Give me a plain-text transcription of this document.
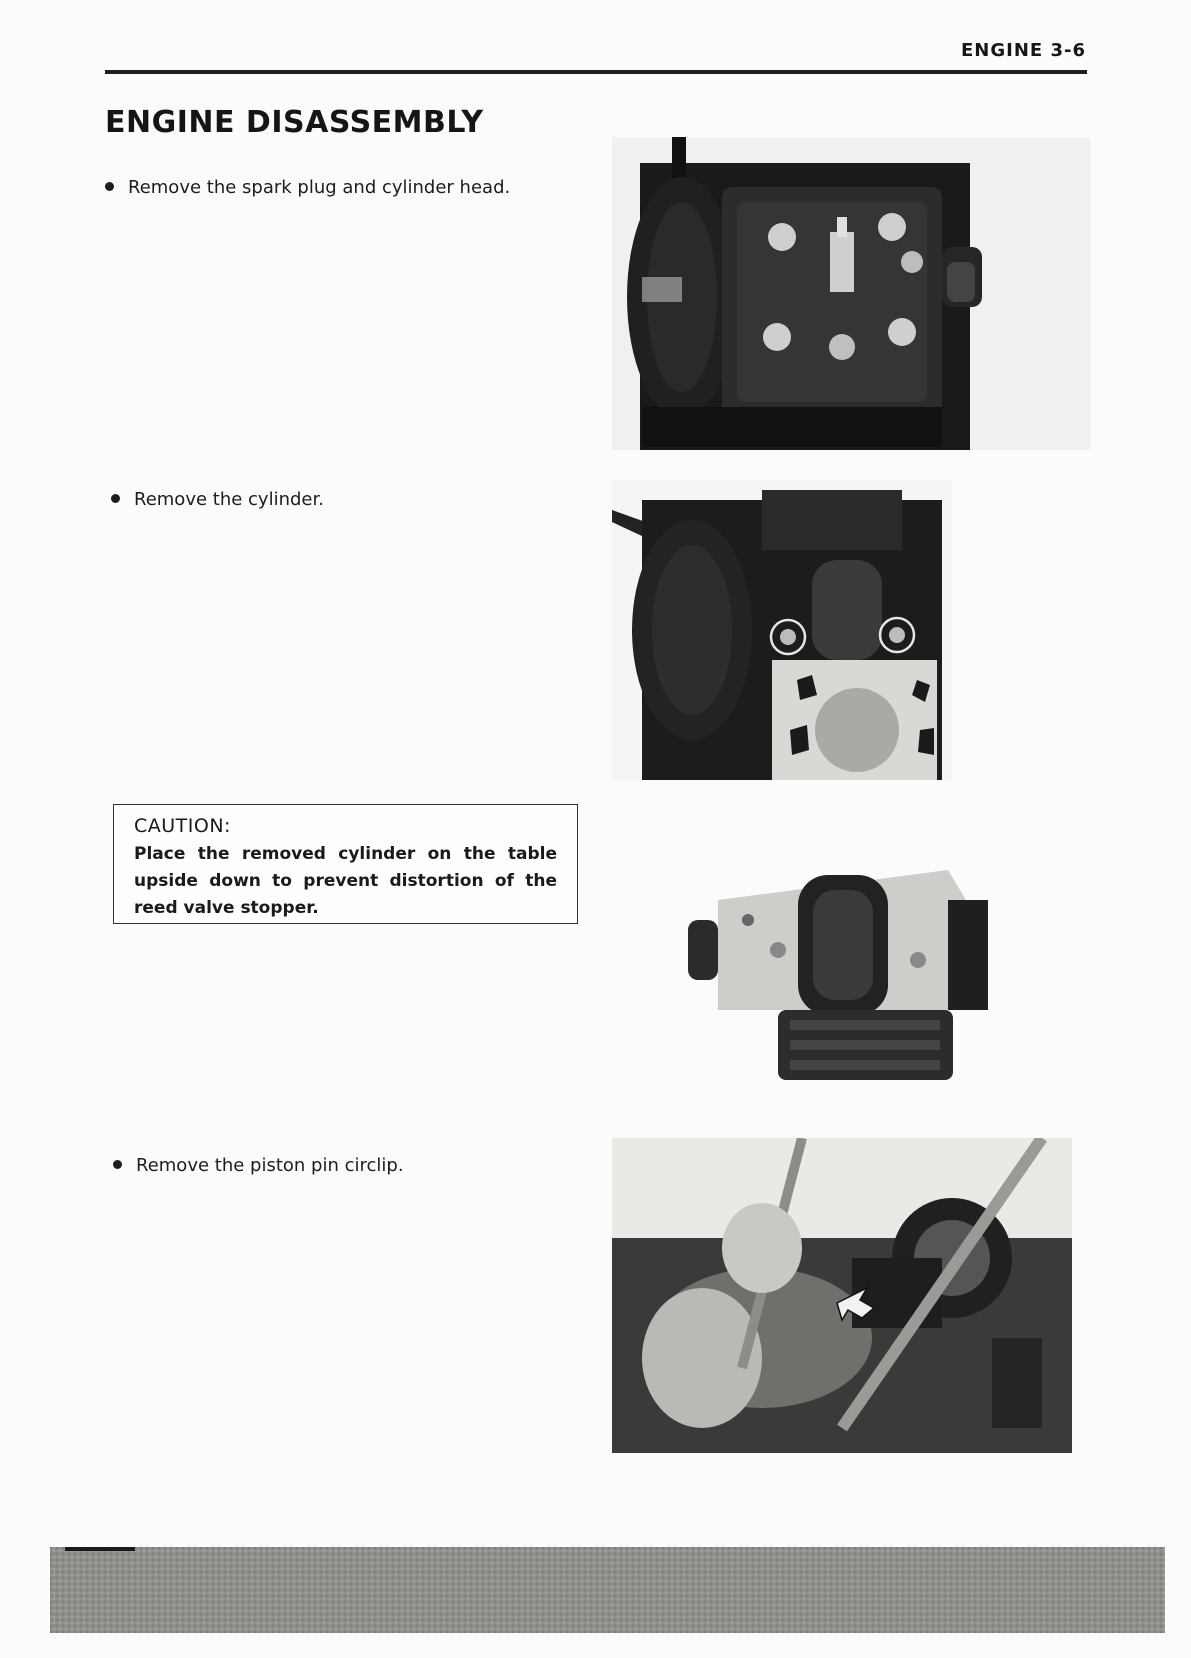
ENGINE 3-6
ENGINE DISASSEMBLY
Remove the spark plug and cylinder head.
Remove the cylinder.
CAUTION:
Place the removed cylinder on the table upside down to prevent distortion of the reed valve stopper.
Remove the piston pin circlip.
